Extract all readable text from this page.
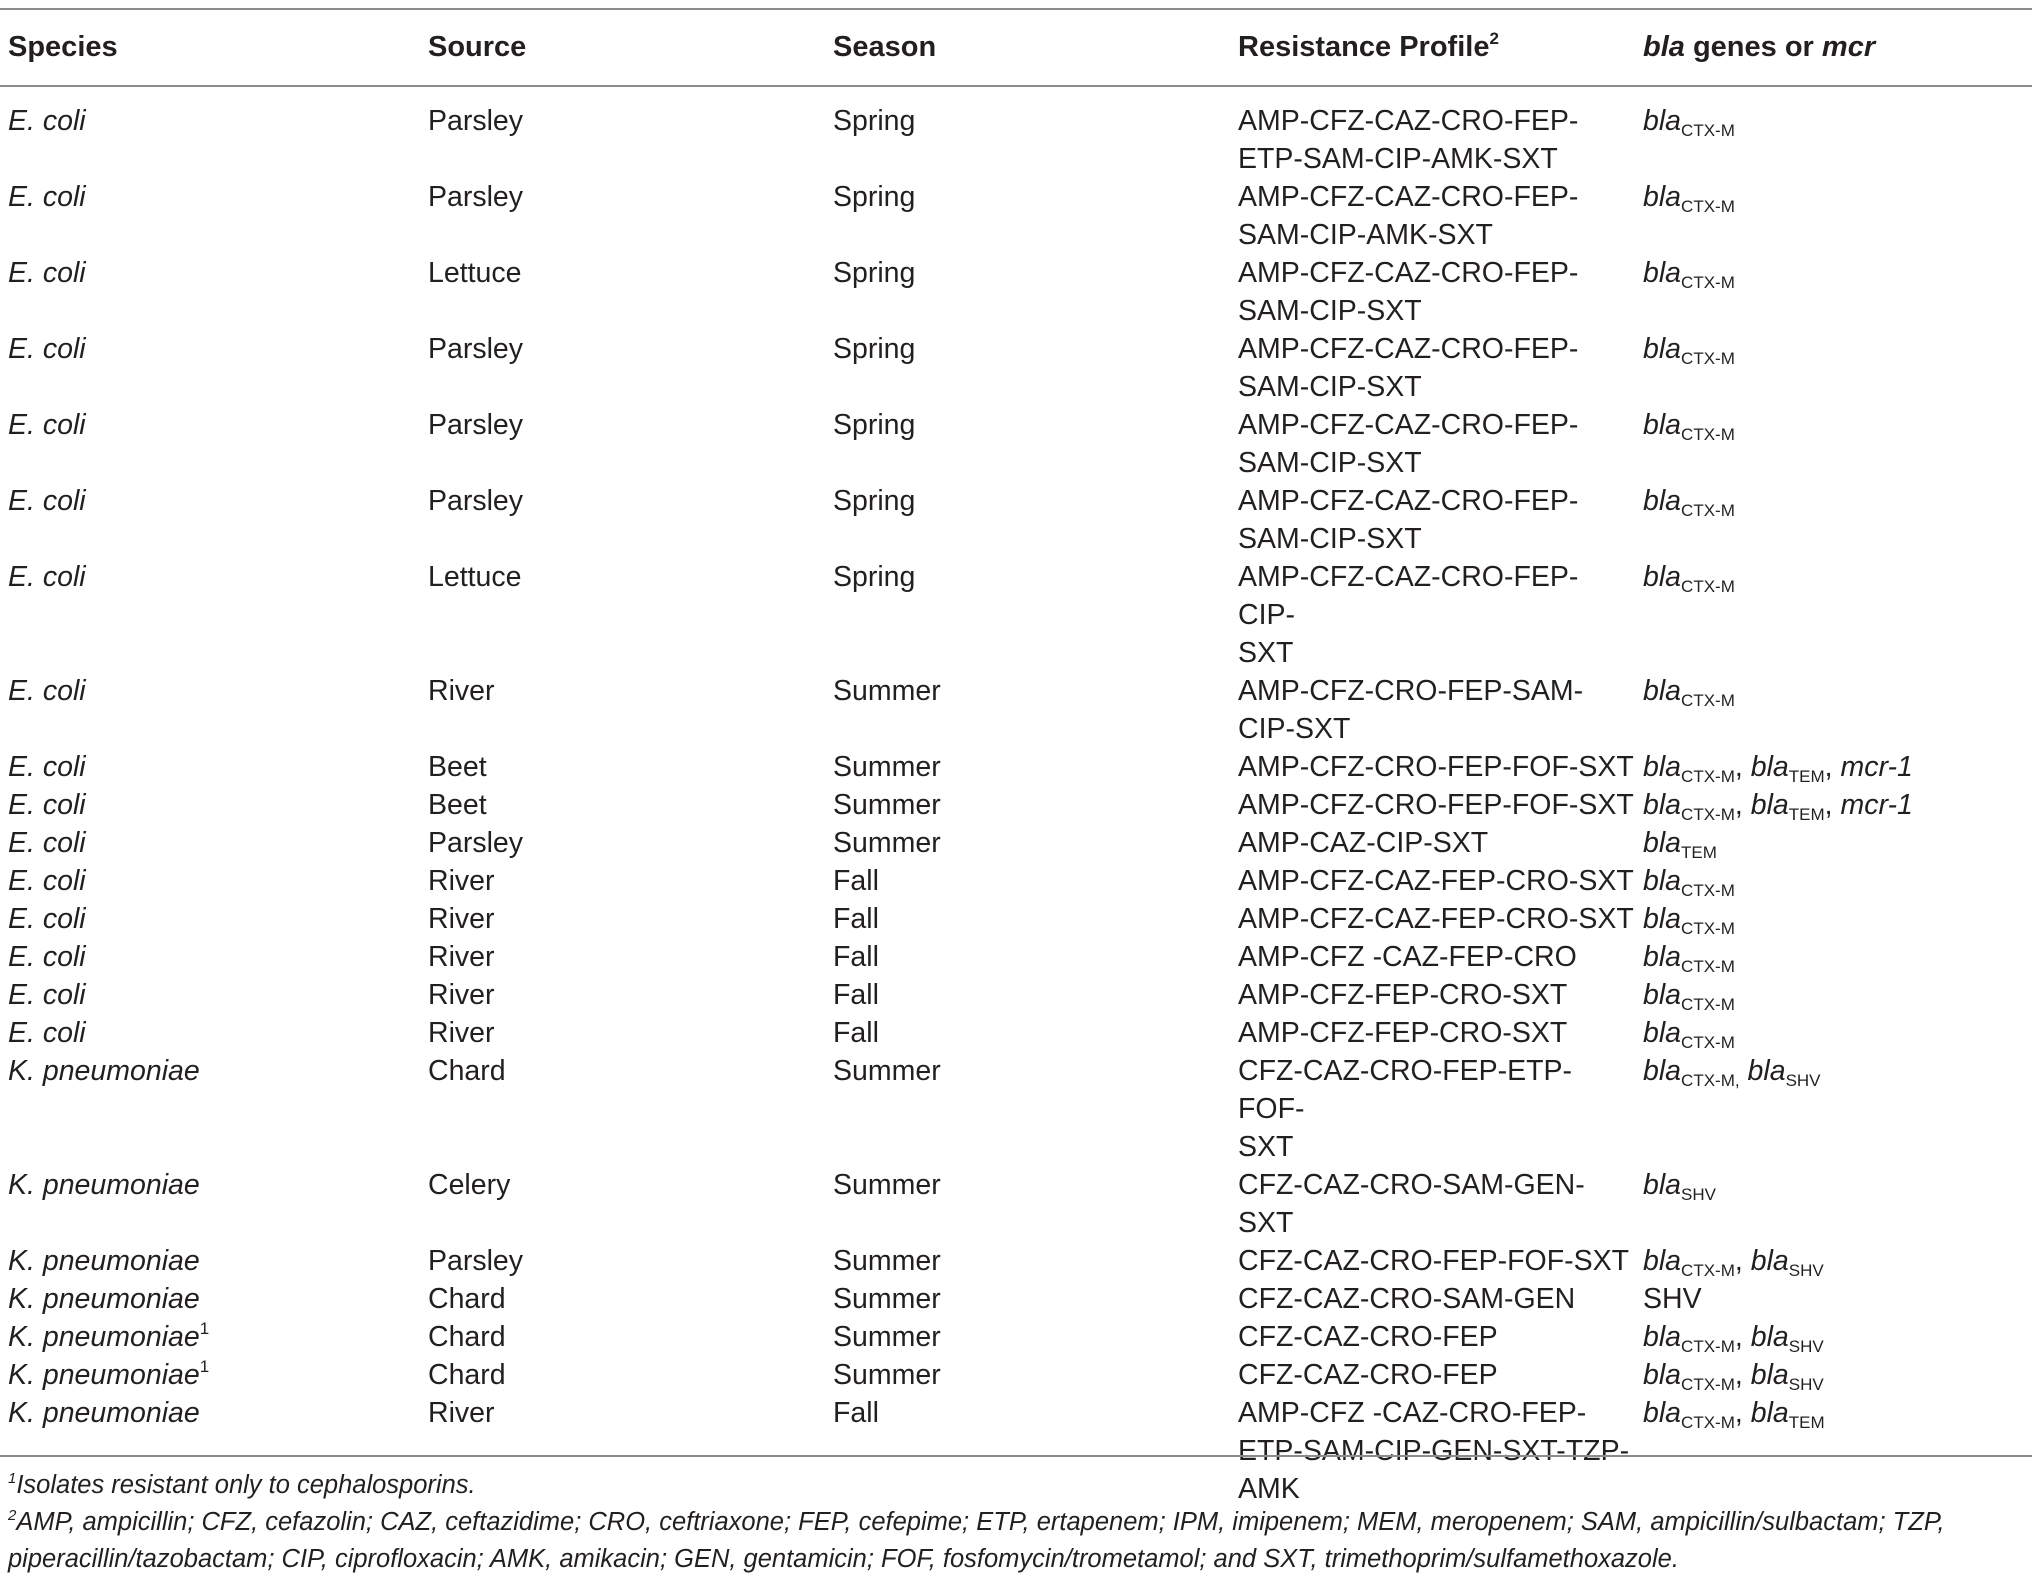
Species	Source	Season	Resistance Profile$^2$	bla genes or mcr
E. coli	Parsley	Spring	AMP-CFZ-CAZ-CRO-FEP-
ETP-SAM-CIP-AMK-SXT	bla$_{CTX-M}$
E. coli	Parsley	Spring	AMP-CFZ-CAZ-CRO-FEP-
SAM-CIP-AMK-SXT	bla$_{CTX-M}$
E. coli	Lettuce	Spring	AMP-CFZ-CAZ-CRO-FEP-
SAM-CIP-SXT	bla$_{CTX-M}$
E. coli	Parsley	Spring	AMP-CFZ-CAZ-CRO-FEP-
SAM-CIP-SXT	bla$_{CTX-M}$
E. coli	Parsley	Spring	AMP-CFZ-CAZ-CRO-FEP-
SAM-CIP-SXT	bla$_{CTX-M}$
E. coli	Parsley	Spring	AMP-CFZ-CAZ-CRO-FEP-
SAM-CIP-SXT	bla$_{CTX-M}$
E. coli	Lettuce	Spring	AMP-CFZ-CAZ-CRO-FEP-CIP-
SXT	bla$_{CTX-M}$
E. coli	River	Summer	AMP-CFZ-CRO-FEP-SAM-
CIP-SXT	bla$_{CTX-M}$
E. coli	Beet	Summer	AMP-CFZ-CRO-FEP-FOF-SXT	bla$_{CTX-M}$, bla$_{TEM}$, mcr-1
E. coli	Beet	Summer	AMP-CFZ-CRO-FEP-FOF-SXT	bla$_{CTX-M}$, bla$_{TEM}$, mcr-1
E. coli	Parsley	Summer	AMP-CAZ-CIP-SXT	bla$_{TEM}$
E. coli	River	Fall	AMP-CFZ-CAZ-FEP-CRO-SXT	bla$_{CTX-M}$
E. coli	River	Fall	AMP-CFZ-CAZ-FEP-CRO-SXT	bla$_{CTX-M}$
E. coli	River	Fall	AMP-CFZ -CAZ-FEP-CRO	bla$_{CTX-M}$
E. coli	River	Fall	AMP-CFZ-FEP-CRO-SXT	bla$_{CTX-M}$
E. coli	River	Fall	AMP-CFZ-FEP-CRO-SXT	bla$_{CTX-M}$
K. pneumoniae	Chard	Summer	CFZ-CAZ-CRO-FEP-ETP-FOF-
SXT	bla$_{CTX-M,}$ bla$_{SHV}$
K. pneumoniae	Celery	Summer	CFZ-CAZ-CRO-SAM-GEN-
SXT	bla$_{SHV}$
K. pneumoniae	Parsley	Summer	CFZ-CAZ-CRO-FEP-FOF-SXT	bla$_{CTX-M}$, bla$_{SHV}$
K. pneumoniae	Chard	Summer	CFZ-CAZ-CRO-SAM-GEN	SHV
K. pneumoniae$^1$	Chard	Summer	CFZ-CAZ-CRO-FEP	bla$_{CTX-M}$, bla$_{SHV}$
K. pneumoniae$^1$	Chard	Summer	CFZ-CAZ-CRO-FEP	bla$_{CTX-M}$, bla$_{SHV}$
K. pneumoniae	River	Fall	AMP-CFZ -CAZ-CRO-FEP-
ETP-SAM-CIP-GEN-SXT-TZP-
AMK	bla$_{CTX-M}$, bla$_{TEM}$

$^1$Isolates resistant only to cephalosporins.

$^2$AMP, ampicillin; CFZ, cefazolin; CAZ, ceftazidime; CRO, ceftriaxone; FEP, cefepime; ETP, ertapenem; IPM, imipenem; MEM, meropenem; SAM, ampicillin/sulbactam; TZP, piperacillin/tazobactam; CIP, ciprofloxacin; AMK, amikacin; GEN, gentamicin; FOF, fosfomycin/trometamol; and SXT, trimethoprim/sulfamethoxazole.
